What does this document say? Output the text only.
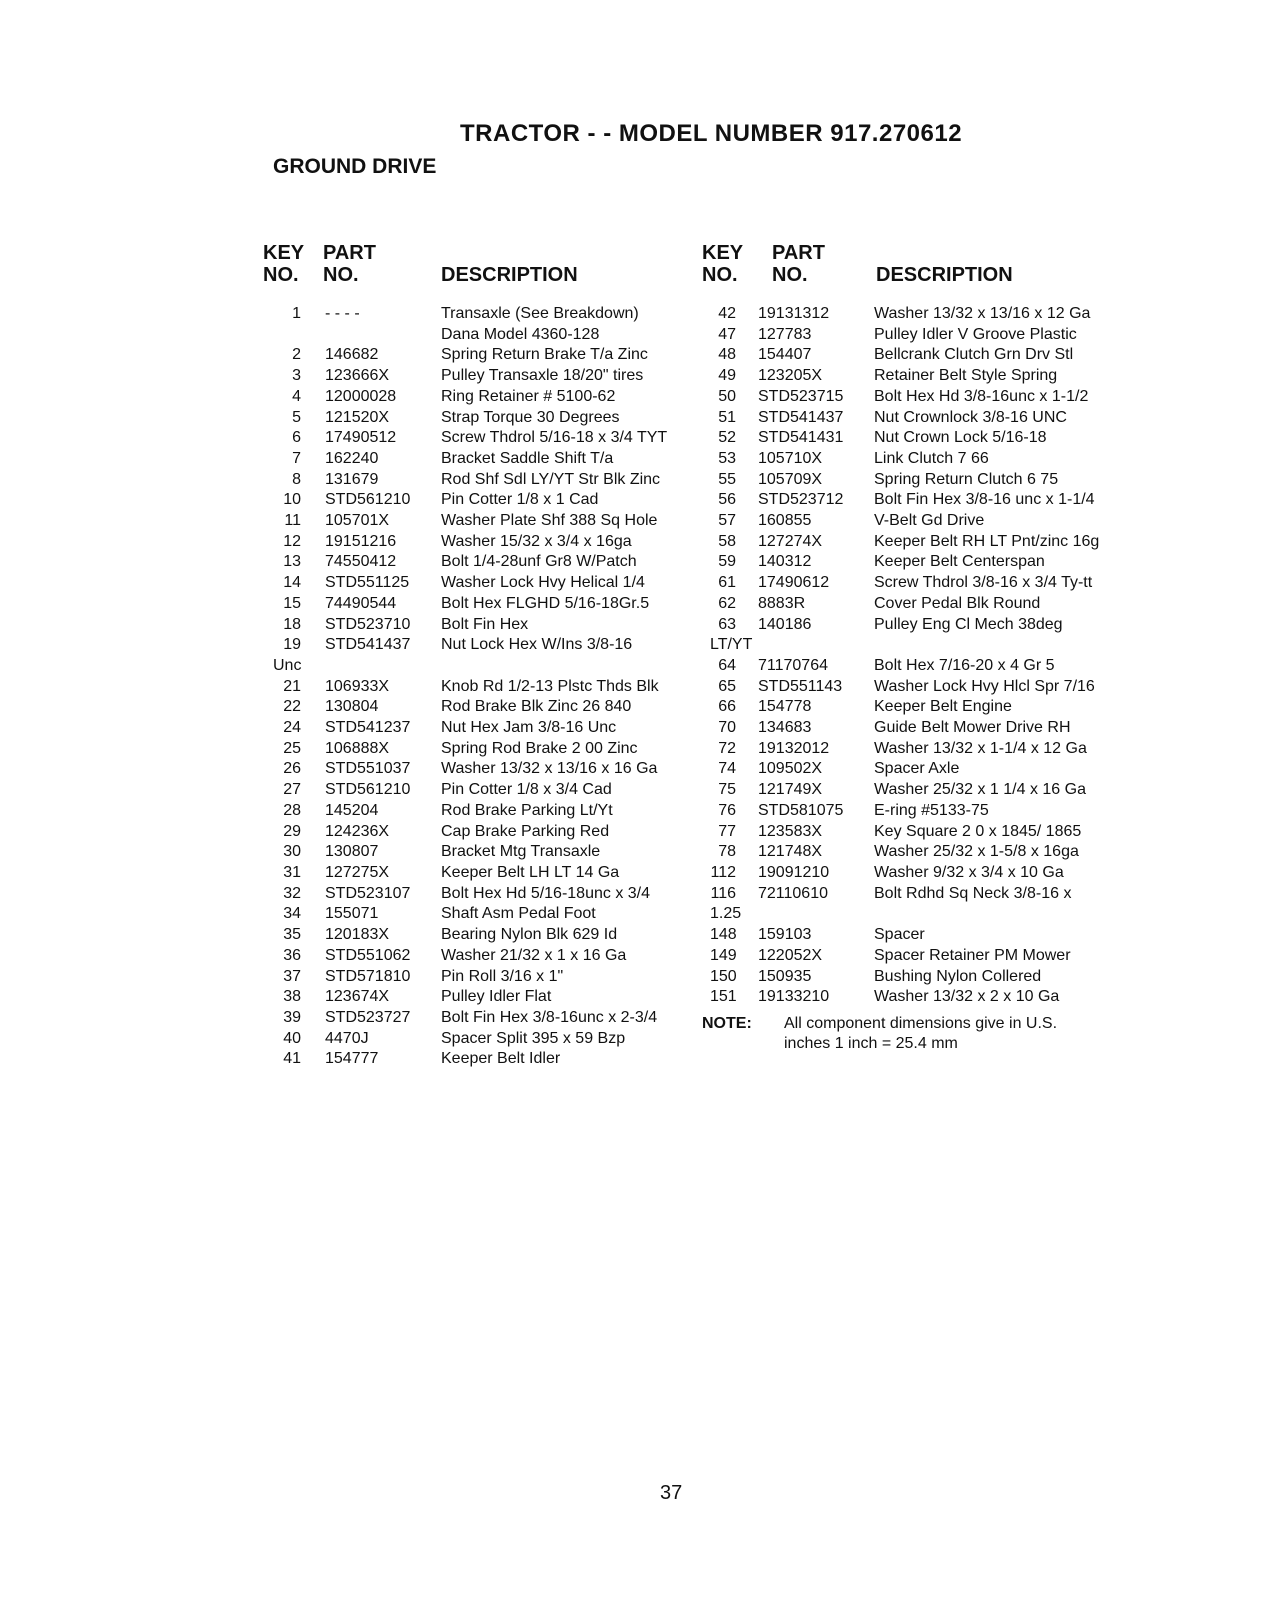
TRACTOR - - MODEL NUMBER 917.270612
GROUND DRIVE
KEY
NO.
PART
NO.	DESCRIPTION
1 - - - -	Transaxle (See Breakdown)
Dana Model 4360-128
2 146682	Spring Return Brake T/a Zinc
3 123666X	Pulley Transaxle 18/20" tires
4 12000028	Ring Retainer # 5100-62
5 121520X	Strap Torque 30 Degrees
6 17490512	Screw Thdrol 5/16-18 x 3/4 TYT
7 162240	Bracket Saddle Shift T/a
8 131679	Rod Shf Sdl LY/YT Str Blk Zinc
10 STD561210 Pin Cotter 1/8 x 1 Cad
11 105701X	Washer Plate Shf 388 Sq Hole
12 19151216	Washer 15/32 x 3/4 x 16ga
13 74550412	Bolt 1/4-28unf Gr8 W/Patch
14 STD551125 Washer Lock Hvy Helical 1/4
15 74490544	Bolt Hex FLGHD 5/16-18Gr.5
18 STD523710 Bolt Fin Hex
19 STD541437 Nut Lock Hex W/Ins 3/8-16
Unc
21 106933X	Knob Rd 1/2-13 Plstc Thds Blk
22 130804	Rod Brake Blk Zinc 26 840
24 STD541237 Nut Hex Jam 3/8-16 Unc
25 106888X	Spring Rod Brake 2 00 Zinc
26 STD551037 Washer 13/32 x 13/16 x 16 Ga
27 STD561210 Pin Cotter 1/8 x 3/4 Cad
28 145204	Rod Brake Parking Lt/Yt
29 124236X	Cap Brake Parking Red
30 130807	Bracket Mtg Transaxle
31 127275X	Keeper Belt LH LT 14 Ga
32 STD523107 Bolt Hex Hd 5/16-18unc x 3/4
34 155071	Shaft Asm Pedal Foot
35 120183X	Bearing Nylon Blk 629 Id
36 STD551062 Washer 21/32 x 1 x 16 Ga
37 STD571810 Pin Roll 3/16 x 1"
38 123674X	Pulley Idler Flat
39 STD523727 Bolt Fin Hex 3/8-16unc x 2-3/4
40 4470J	Spacer Split 395 x 59 Bzp
41 154777	Keeper Belt Idler
KEY
NO.
PART
NO.	DESCRIPTION
42 19131312	Washer 13/32 x 13/16 x 12 Ga
47 127783	Pulley Idler V Groove Plastic
48 154407	Bellcrank Clutch Grn Drv Stl
49 123205X	Retainer Belt Style Spring
50 STD523715 Bolt Hex Hd 3/8-16unc x 1-1/2
51 STD541437 Nut Crownlock 3/8-16 UNC
52 STD541431 Nut Crown Lock 5/16-18
53 105710X	Link Clutch 7 66
55 105709X	Spring Return Clutch 6 75
56 STD523712 Bolt Fin Hex 3/8-16 unc x 1-1/4
57 160855	V-Belt Gd Drive
58 127274X	Keeper Belt RH LT Pnt/zinc 16g
59 140312	Keeper Belt Centerspan
61 17490612	Screw Thdrol 3/8-16 x 3/4 Ty-tt
62 8883R	Cover Pedal Blk Round
63 140186	Pulley Eng Cl Mech 38deg
LT/YT
64 71170764	Bolt Hex 7/16-20 x 4 Gr 5
65 STD551143 Washer Lock Hvy Hlcl Spr 7/16
66 154778	Keeper Belt Engine
70 134683	Guide Belt Mower Drive RH
72 19132012	Washer 13/32 x 1-1/4 x 12 Ga
74 109502X	Spacer Axle
75 121749X	Washer 25/32 x 1 1/4 x 16 Ga
76 STD581075 E-ring #5133-75
77 123583X	Key Square 2 0 x 1845/ 1865
78 121748X	Washer 25/32 x 1-5/8 x 16ga
112 19091210	Washer 9/32 x 3/4 x 10 Ga
116 72110610	Bolt Rdhd Sq Neck 3/8-16 x
1.25
148 159103	Spacer
149 122052X	Spacer Retainer PM Mower
150 150935	Bushing Nylon Collered
151 19133210	Washer 13/32 x 2 x 10 Ga
NOTE: All component dimensions give in U.S. inches 1 inch = 25.4 mm
37
